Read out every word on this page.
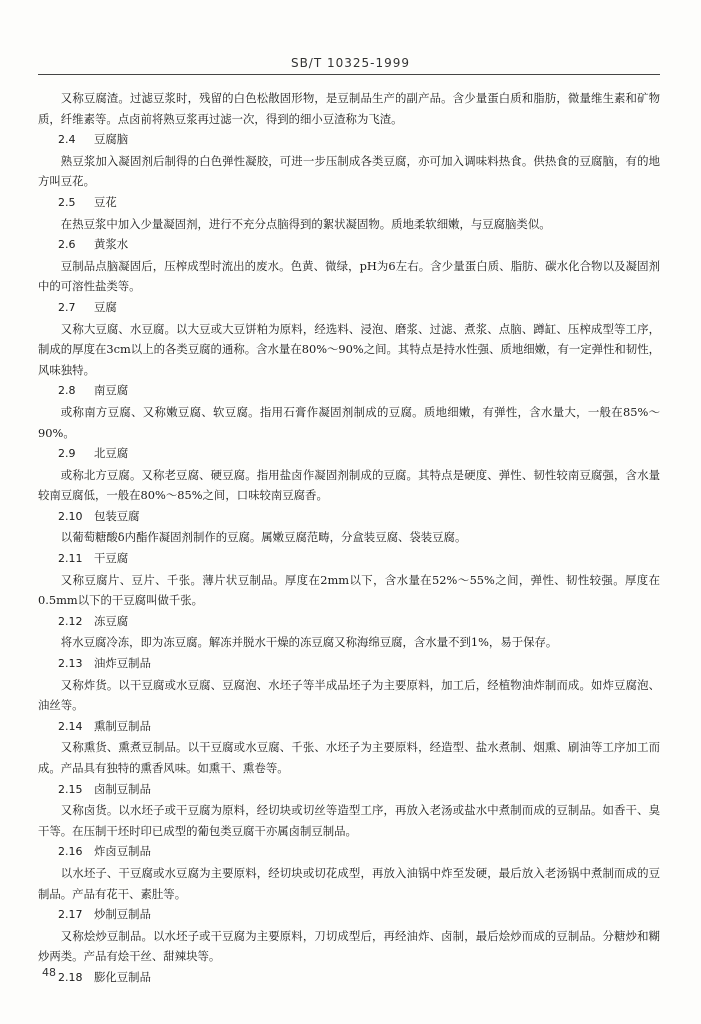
SB/T 10325-1999

又称豆腐渣。过滤豆浆时，残留的白色松散固形物，是豆制品生产的副产品。含少量蛋白质和脂肪，微量维生素和矿物质，纤维素等。点卤前将熟豆浆再过滤一次，得到的细小豆渣称为飞渣。

2.4 豆腐脑

熟豆浆加入凝固剂后制得的白色弹性凝胶，可进一步压制成各类豆腐，亦可加入调味料热食。供热食的豆腐脑，有的地方叫豆花。

2.5 豆花

在热豆浆中加入少量凝固剂，进行不充分点脑得到的絮状凝固物。质地柔软细嫩，与豆腐脑类似。

2.6 黄浆水

豆制品点脑凝固后，压榨成型时流出的废水。色黄、微绿，pH为6左右。含少量蛋白质、脂肪、碳水化合物以及凝固剂中的可溶性盐类等。

2.7 豆腐

又称大豆腐、水豆腐。以大豆或大豆饼粕为原料，经选料、浸泡、磨浆、过滤、煮浆、点脑、蹲缸、压榨成型等工序，制成的厚度在3cm以上的各类豆腐的通称。含水量在80%～90%之间。其特点是持水性强、质地细嫩，有一定弹性和韧性，风味独特。

2.8 南豆腐

或称南方豆腐、又称嫩豆腐、软豆腐。指用石膏作凝固剂制成的豆腐。质地细嫩，有弹性，含水量大，一般在85%～90%。

2.9 北豆腐

或称北方豆腐。又称老豆腐、硬豆腐。指用盐卤作凝固剂制成的豆腐。其特点是硬度、弹性、韧性较南豆腐强，含水量较南豆腐低，一般在80%～85%之间，口味较南豆腐香。

2.10 包装豆腐

以葡萄糖酸δ内酯作凝固剂制作的豆腐。属嫩豆腐范畴，分盒装豆腐、袋装豆腐。

2.11 干豆腐

又称豆腐片、豆片、千张。薄片状豆制品。厚度在2mm以下，含水量在52%～55%之间，弹性、韧性较强。厚度在0.5mm以下的干豆腐叫做千张。

2.12 冻豆腐

将水豆腐冷冻，即为冻豆腐。解冻并脱水干燥的冻豆腐又称海绵豆腐，含水量不到1%，易于保存。

2.13 油炸豆制品

又称炸货。以干豆腐或水豆腐、豆腐泡、水坯子等半成品坯子为主要原料，加工后，经植物油炸制而成。如炸豆腐泡、油丝等。

2.14 熏制豆制品

又称熏货、熏煮豆制品。以干豆腐或水豆腐、千张、水坯子为主要原料，经造型、盐水煮制、烟熏、刷油等工序加工而成。产品具有独特的熏香风味。如熏干、熏卷等。

2.15 卤制豆制品

又称卤货。以水坯子或干豆腐为原料，经切块或切丝等造型工序，再放入老汤或盐水中煮制而成的豆制品。如香干、臭干等。在压制干坯时印已成型的葡包类豆腐干亦属卤制豆制品。

2.16 炸卤豆制品

以水坯子、干豆腐或水豆腐为主要原料，经切块或切花成型，再放入油锅中炸至发硬，最后放入老汤锅中煮制而成的豆制品。产品有花干、素肚等。

2.17 炒制豆制品

又称烩炒豆制品。以水坯子或干豆腐为主要原料，刀切成型后，再经油炸、卤制，最后烩炒而成的豆制品。分糖炒和糊炒两类。产品有烩干丝、甜辣块等。

2.18 膨化豆制品
48
